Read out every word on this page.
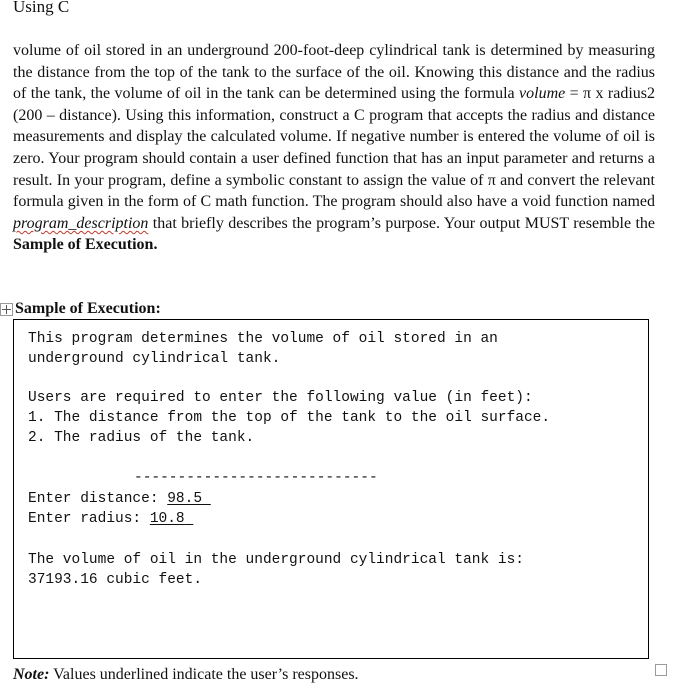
Using C

volume of oil stored in an underground 200-foot-deep cylindrical tank is determined by measuring the distance from the top of the tank to the surface of the oil. Knowing this distance and the radius of the tank, the volume of oil in the tank can be determined using the formula volume = π x radius2 (200 – distance). Using this information, construct a C program that accepts the radius and distance measurements and display the calculated volume. If negative number is entered the volume of oil is zero. Your program should contain a user defined function that has an input parameter and returns a result. In your program, define a symbolic constant to assign the value of π and convert the relevant formula given in the form of C math function. The program should also have a void function named program_description that briefly describes the program’s purpose. Your output MUST resemble the Sample of Execution.

Sample of Execution:

This program determines the volume of oil stored in an

underground cylindrical tank.

Users are required to enter the following value (in feet):

1. The distance from the top of the tank to the oil surface.

2. The radius of the tank.

----------------------------

Enter distance: 98.5

Enter radius: 10.8

The volume of oil in the underground cylindrical tank is:

37193.16 cubic feet.

Note: Values underlined indicate the user’s responses.
